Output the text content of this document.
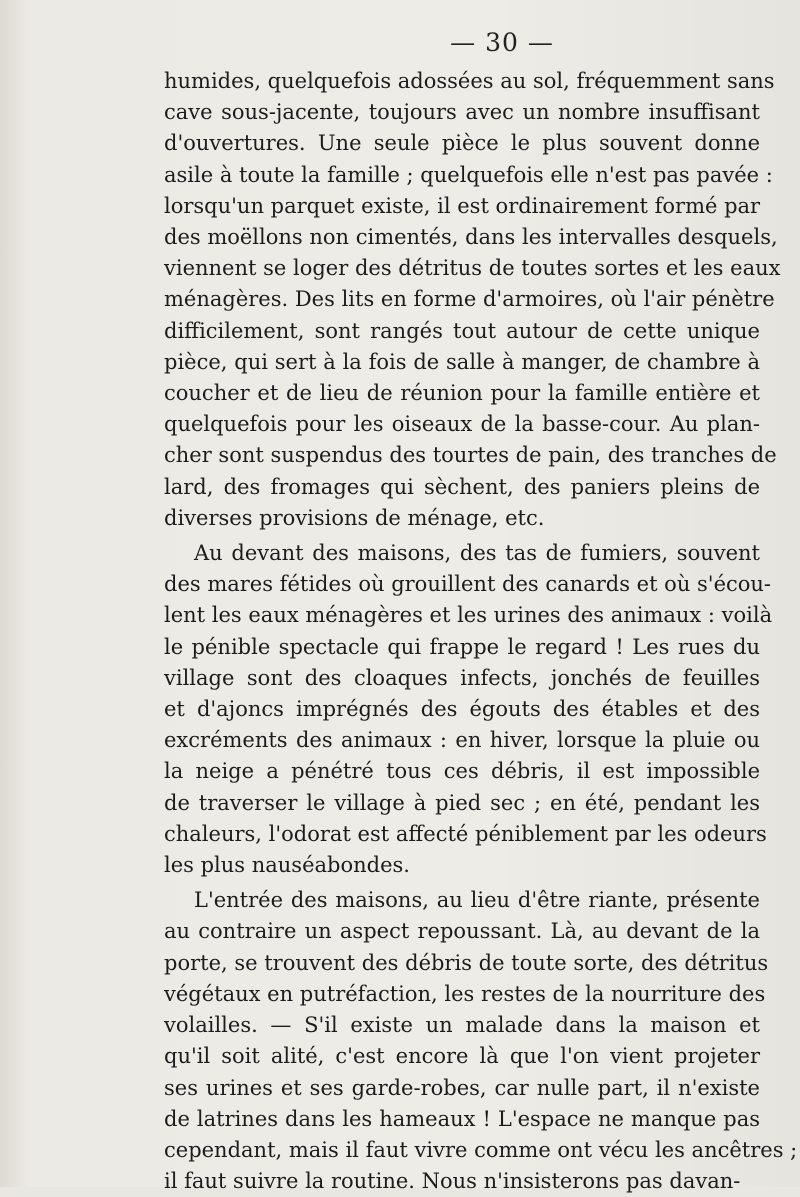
— 30 —
humides, quelquefois adossées au sol, fréquemment sans
cave sous-jacente, toujours avec un nombre insuffisant
d'ouvertures. Une seule pièce le plus souvent donne
asile à toute la famille ; quelquefois elle n'est pas pavée :
lorsqu'un parquet existe, il est ordinairement formé par
des moëllons non cimentés, dans les intervalles desquels,
viennent se loger des détritus de toutes sortes et les eaux
ménagères. Des lits en forme d'armoires, où l'air pénètre
difficilement, sont rangés tout autour de cette unique
pièce, qui sert à la fois de salle à manger, de chambre à
coucher et de lieu de réunion pour la famille entière et
quelquefois pour les oiseaux de la basse-cour. Au plan-
cher sont suspendus des tourtes de pain, des tranches de
lard, des fromages qui sèchent, des paniers pleins de
diverses provisions de ménage, etc.
Au devant des maisons, des tas de fumiers, souvent
des mares fétides où grouillent des canards et où s'écou-
lent les eaux ménagères et les urines des animaux : voilà
le pénible spectacle qui frappe le regard ! Les rues du
village sont des cloaques infects, jonchés de feuilles
et d'ajoncs imprégnés des égouts des étables et des
excréments des animaux : en hiver, lorsque la pluie ou
la neige a pénétré tous ces débris, il est impossible
de traverser le village à pied sec ; en été, pendant les
chaleurs, l'odorat est affecté péniblement par les odeurs
les plus nauséabondes.
L'entrée des maisons, au lieu d'être riante, présente
au contraire un aspect repoussant. Là, au devant de la
porte, se trouvent des débris de toute sorte, des détritus
végétaux en putréfaction, les restes de la nourriture des
volailles. — S'il existe un malade dans la maison et
qu'il soit alité, c'est encore là que l'on vient projeter
ses urines et ses garde-robes, car nulle part, il n'existe
de latrines dans les hameaux ! L'espace ne manque pas
cependant, mais il faut vivre comme ont vécu les ancêtres ;
il faut suivre la routine. Nous n'insisterons pas davan-
